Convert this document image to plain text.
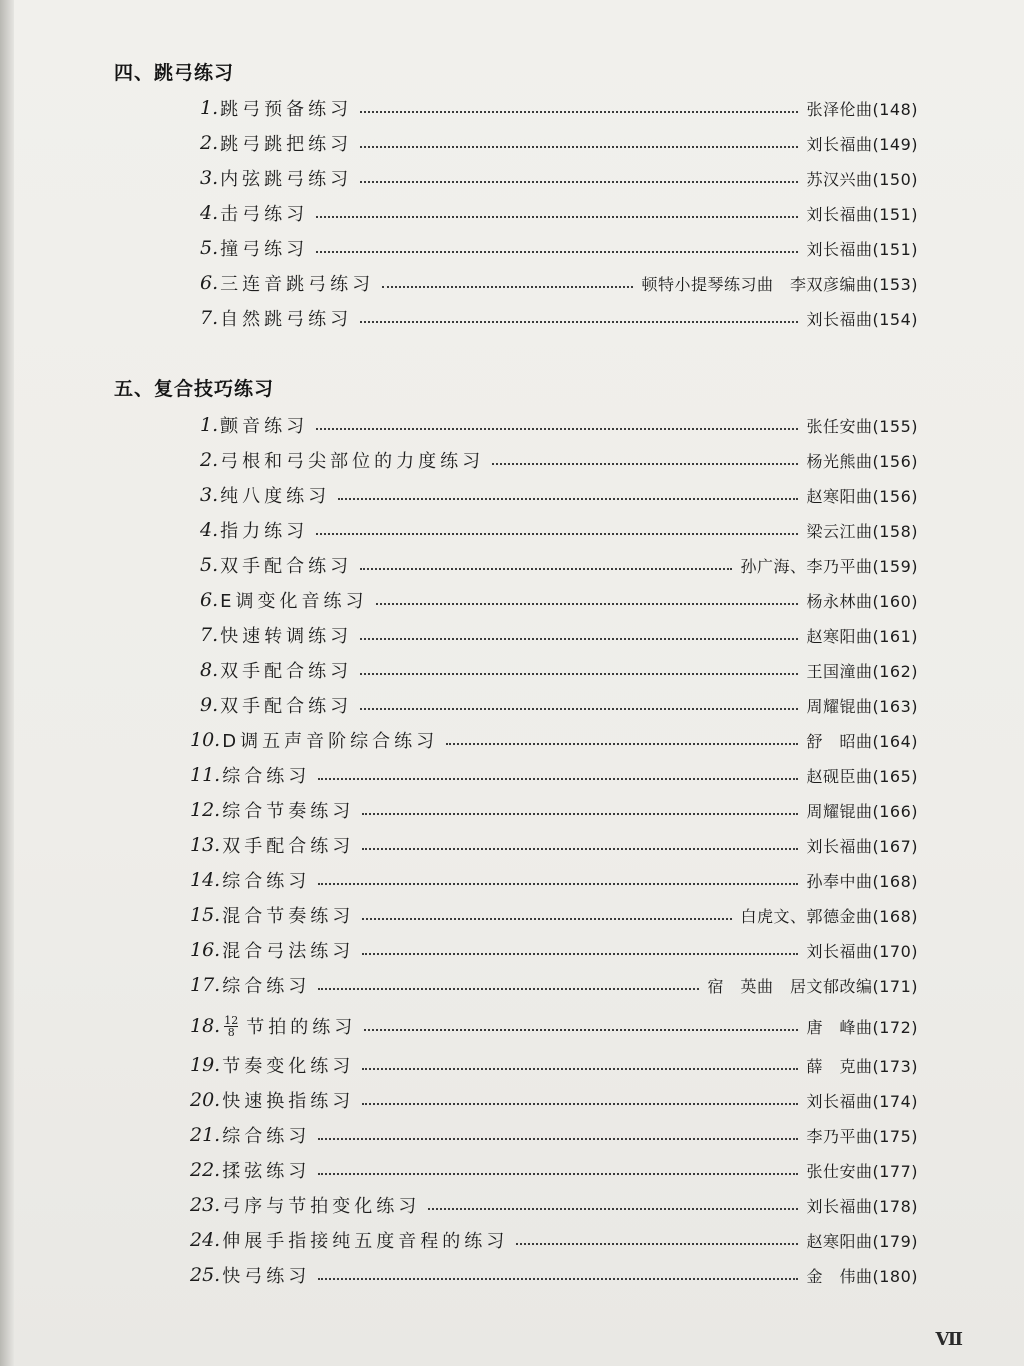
四、跳弓练习
1. 跳弓预备练习	张泽伦曲(148)
2. 跳弓跳把练习	刘长福曲(149)
3. 内弦跳弓练习	苏汉兴曲(150)
4. 击弓练习	刘长福曲(151)
5. 撞弓练习	刘长福曲(151)
6. 三连音跳弓练习	顿特小提琴练习曲　李双彦编曲(153)
7. 自然跳弓练习	刘长福曲(154)
五、复合技巧练习
1. 颤音练习	张任安曲(155)
2. 弓根和弓尖部位的力度练习	杨光熊曲(156)
3. 纯八度练习	赵寒阳曲(156)
4. 指力练习	梁云江曲(158)
5. 双手配合练习	孙广海、李乃平曲(159)
6. E调变化音练习	杨永林曲(160)
7. 快速转调练习	赵寒阳曲(161)
8. 双手配合练习	王国潼曲(162)
9. 双手配合练习	周耀锟曲(163)
10. D调五声音阶综合练习	舒　昭曲(164)
11. 综合练习	赵砚臣曲(165)
12. 综合节奏练习	周耀锟曲(166)
13. 双手配合练习	刘长福曲(167)
14. 综合练习	孙奉中曲(168)
15. 混合节奏练习	白虎文、郭德金曲(168)
16. 混合弓法练习	刘长福曲(170)
17. 综合练习	宿　英曲　居文郁改编(171)
18. $\frac{12}{8}$ 节拍的练习	唐　峰曲(172)
19. 节奏变化练习	薛　克曲(173)
20. 快速换指练习	刘长福曲(174)
21. 综合练习	李乃平曲(175)
22. 揉弦练习	张仕安曲(177)
23. 弓序与节拍变化练习	刘长福曲(178)
24. 伸展手指接纯五度音程的练习	赵寒阳曲(179)
25. 快弓练习	金　伟曲(180)
Ⅶ
